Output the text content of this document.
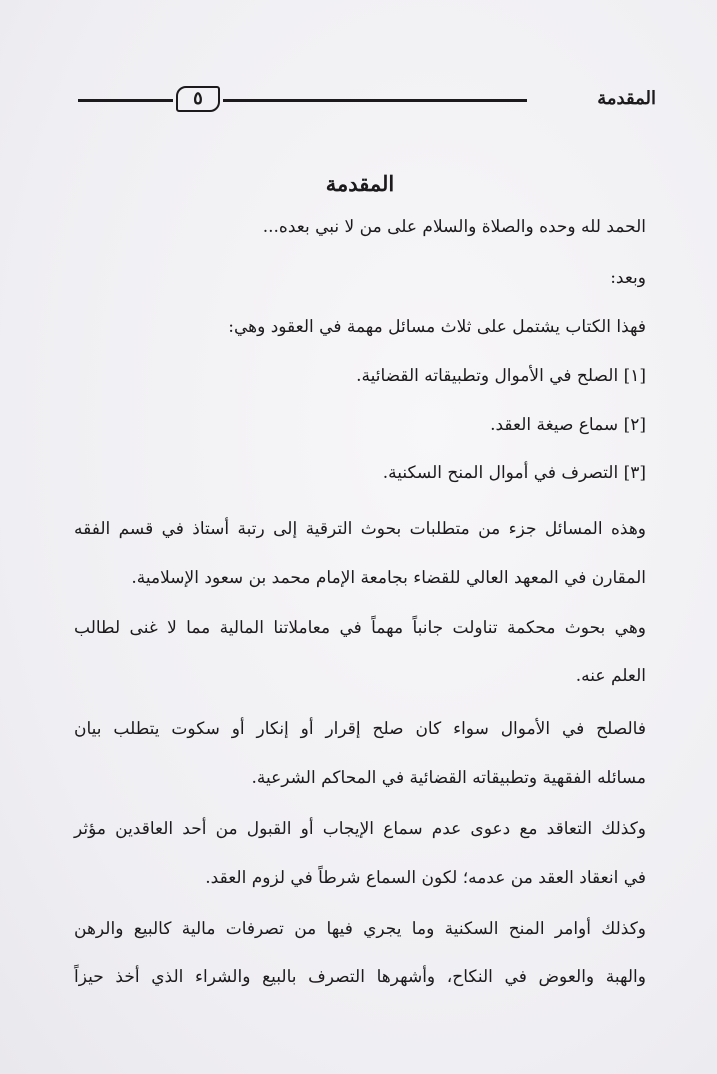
٥	المقدمة
المقدمة
الحمد لله وحده والصلاة والسلام على من لا نبي بعده...
وبعد:
فهذا الكتاب يشتمل على ثلاث مسائل مهمة في العقود وهي:
[١] الصلح في الأموال وتطبيقاته القضائية.
[٢] سماع صيغة العقد.
[٣] التصرف في أموال المنح السكنية.
وهذه المسائل جزء من متطلبات بحوث الترقية إلى رتبة أستاذ في قسم الفقه
المقارن في المعهد العالي للقضاء بجامعة الإمام محمد بن سعود الإسلامية.
وهي بحوث محكمة تناولت جانباً مهماً في معاملاتنا المالية مما لا غنى لطالب
العلم عنه.
فالصلح في الأموال سواء كان صلح إقرار أو إنكار أو سكوت يتطلب بيان
مسائله الفقهية وتطبيقاته القضائية في المحاكم الشرعية.
وكذلك التعاقد مع دعوى عدم سماع الإيجاب أو القبول من أحد العاقدين مؤثر
في انعقاد العقد من عدمه؛ لكون السماع شرطاً في لزوم العقد.
وكذلك أوامر المنح السكنية وما يجري فيها من تصرفات مالية كالبيع والرهن
والهبة والعوض في النكاح، وأشهرها التصرف بالبيع والشراء الذي أخذ حيزاً
